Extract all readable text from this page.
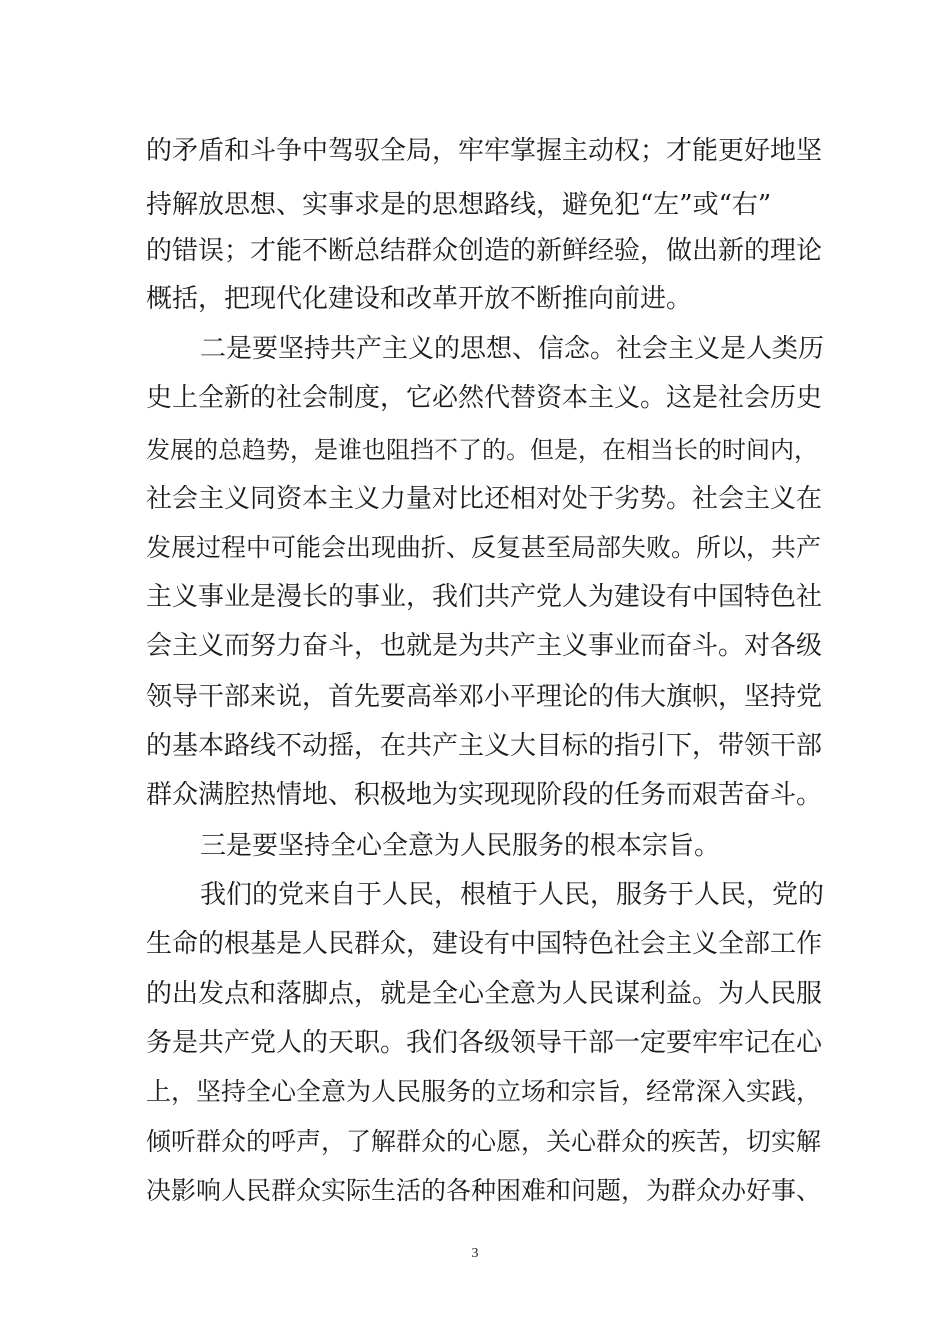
的矛盾和斗争中驾驭全局，牢牢掌握主动权；才能更好地坚
持解放思想、实事求是的思想路线，避免犯“左”或“右”
的错误；才能不断总结群众创造的新鲜经验，做出新的理论
概括，把现代化建设和改革开放不断推向前进。
二是要坚持共产主义的思想、信念。社会主义是人类历
史上全新的社会制度，它必然代替资本主义。这是社会历史
发展的总趋势，是谁也阻挡不了的。但是，在相当长的时间内，
社会主义同资本主义力量对比还相对处于劣势。社会主义在
发展过程中可能会出现曲折、反复甚至局部失败。所以，共产
主义事业是漫长的事业，我们共产党人为建设有中国特色社
会主义而努力奋斗，也就是为共产主义事业而奋斗。对各级
领导干部来说，首先要高举邓小平理论的伟大旗帜，坚持党
的基本路线不动摇，在共产主义大目标的指引下，带领干部
群众满腔热情地、积极地为实现现阶段的任务而艰苦奋斗。
三是要坚持全心全意为人民服务的根本宗旨。
我们的党来自于人民，根植于人民，服务于人民，党的
生命的根基是人民群众，建设有中国特色社会主义全部工作
的出发点和落脚点，就是全心全意为人民谋利益。为人民服
务是共产党人的天职。我们各级领导干部一定要牢牢记在心
上，坚持全心全意为人民服务的立场和宗旨，经常深入实践，
倾听群众的呼声，了解群众的心愿，关心群众的疾苦，切实解
决影响人民群众实际生活的各种困难和问题，为群众办好事、
3
